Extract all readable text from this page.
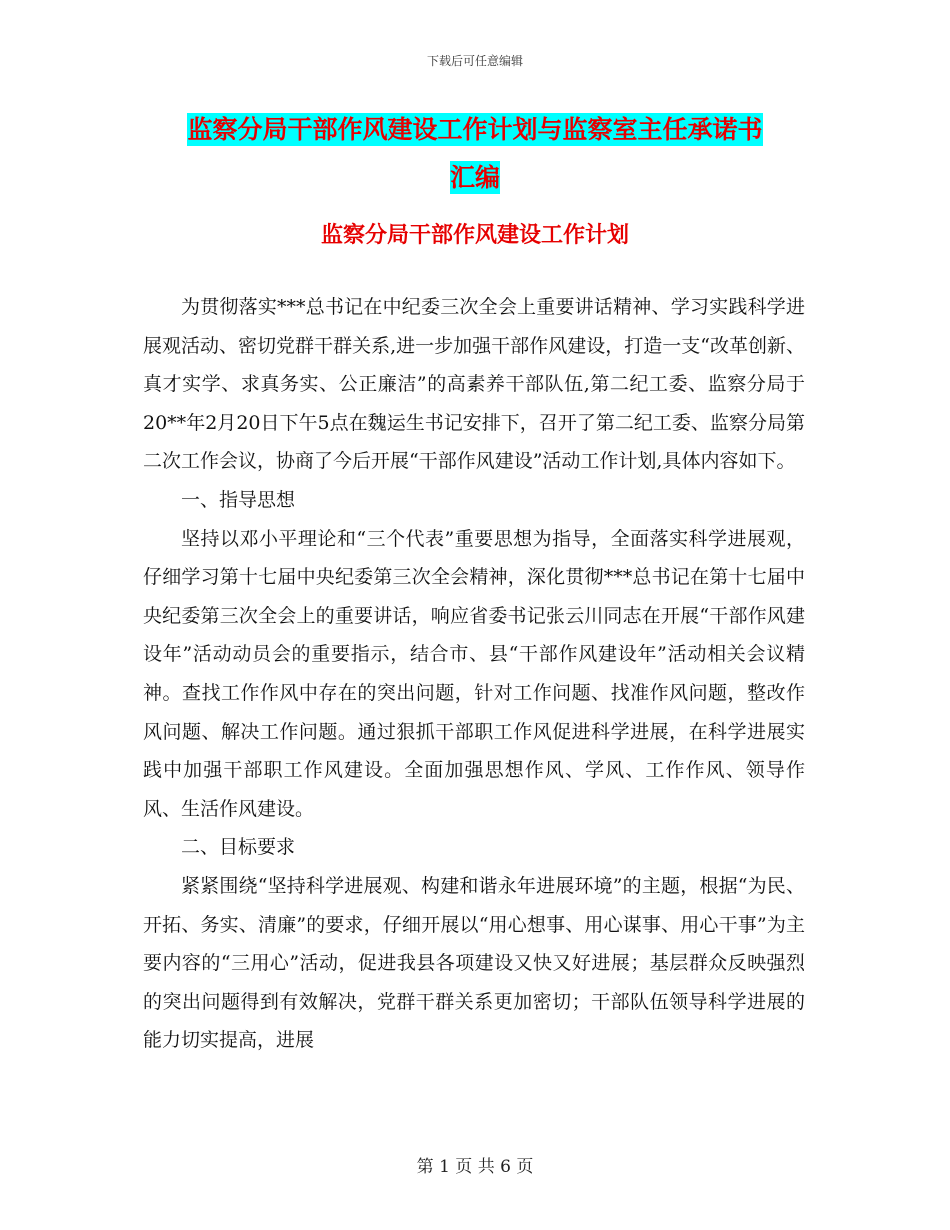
下载后可任意编辑
监察分局干部作风建设工作计划与监察室主任承诺书
汇编
监察分局干部作风建设工作计划

为贯彻落实***总书记在中纪委三次全会上重要讲话精神、学习实践科学进展观活动、密切党群干群关系,进一步加强干部作风建设，打造一支“改革创新、真才实学、求真务实、公正廉洁”的高素养干部队伍,第二纪工委、监察分局于20**年2月20日下午5点在魏运生书记安排下，召开了第二纪工委、监察分局第二次工作会议，协商了今后开展“干部作风建设”活动工作计划,具体内容如下。

一、指导思想

坚持以邓小平理论和“三个代表”重要思想为指导，全面落实科学进展观，仔细学习第十七届中央纪委第三次全会精神，深化贯彻***总书记在第十七届中央纪委第三次全会上的重要讲话，响应省委书记张云川同志在开展“干部作风建设年”活动动员会的重要指示，结合市、县“干部作风建设年”活动相关会议精神。查找工作作风中存在的突出问题，针对工作问题、找准作风问题，整改作风问题、解决工作问题。通过狠抓干部职工作风促进科学进展，在科学进展实践中加强干部职工作风建设。全面加强思想作风、学风、工作作风、领导作风、生活作风建设。

二、目标要求

紧紧围绕“坚持科学进展观、构建和谐永年进展环境”的主题，根据“为民、开拓、务实、清廉”的要求，仔细开展以“用心想事、用心谋事、用心干事”为主要内容的“三用心”活动，促进我县各项建设又快又好进展；基层群众反映强烈的突出问题得到有效解决，党群干群关系更加密切；干部队伍领导科学进展的能力切实提高，进展

第 1 页 共 6 页
